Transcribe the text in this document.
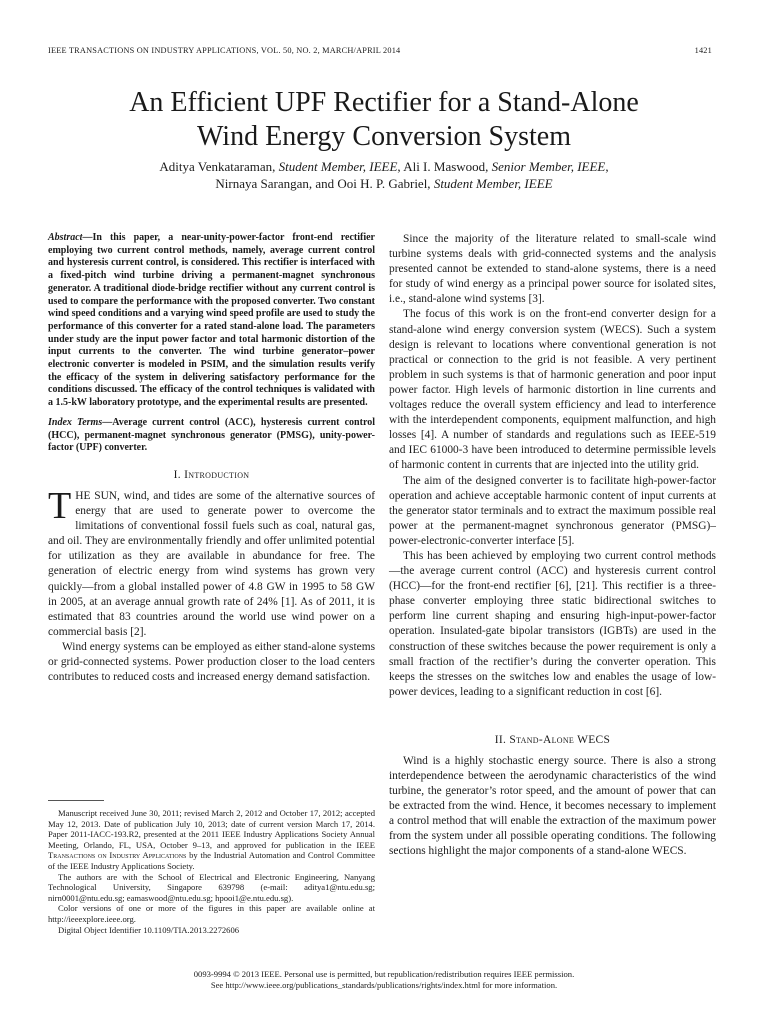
IEEE TRANSACTIONS ON INDUSTRY APPLICATIONS, VOL. 50, NO. 2, MARCH/APRIL 2014	1421
An Efficient UPF Rectifier for a Stand-Alone
Wind Energy Conversion System
Aditya Venkataraman, Student Member, IEEE, Ali I. Maswood, Senior Member, IEEE,
Nirnaya Sarangan, and Ooi H. P. Gabriel, Student Member, IEEE
Abstract—In this paper, a near-unity-power-factor front-end rectifier employing two current control methods, namely, average current control and hysteresis current control, is considered. This rectifier is interfaced with a fixed-pitch wind turbine driving a permanent-magnet synchronous generator. A traditional diode-bridge rectifier without any current control is used to compare the performance with the proposed converter. Two constant wind speed conditions and a varying wind speed profile are used to study the performance of this converter for a rated stand-alone load. The parameters under study are the input power factor and total harmonic distortion of the input currents to the converter. The wind turbine generator–power electronic converter is modeled in PSIM, and the simulation results verify the efficacy of the system in delivering satisfactory performance for the conditions discussed. The efficacy of the control techniques is validated with a 1.5-kW laboratory prototype, and the experimental results are presented.
Index Terms—Average current control (ACC), hysteresis current control (HCC), permanent-magnet synchronous generator (PMSG), unity-power-factor (UPF) converter.
I. Introduction

THE SUN, wind, and tides are some of the alternative sources of energy that are used to generate power to overcome the limitations of conventional fossil fuels such as coal, natural gas, and oil. They are environmentally friendly and offer unlimited potential for utilization as they are available in abundance for free. The generation of electric energy from wind systems has grown very quickly—from a global installed power of 4.8 GW in 1995 to 58 GW in 2005, at an average annual growth rate of 24% [1]. As of 2011, it is estimated that 83 countries around the world use wind power on a commercial basis [2].

Wind energy systems can be employed as either stand-alone systems or grid-connected systems. Power production closer to the load centers contributes to reduced costs and increased energy demand satisfaction.

Since the majority of the literature related to small-scale wind turbine systems deals with grid-connected systems and the analysis presented cannot be extended to stand-alone systems, there is a need for study of wind energy as a principal power source for isolated sites, i.e., stand-alone wind systems [3].

The focus of this work is on the front-end converter design for a stand-alone wind energy conversion system (WECS). Such a system design is relevant to locations where conventional generation is not practical or connection to the grid is not feasible. A very pertinent problem in such systems is that of harmonic generation and poor input power factor. High levels of harmonic distortion in line currents and voltages reduce the overall system efficiency and lead to interference with the interdependent components, equipment malfunction, and high losses [4]. A number of standards and regulations such as IEEE-519 and IEC 61000-3 have been introduced to determine permissible levels of harmonic content in currents that are injected into the utility grid.

The aim of the designed converter is to facilitate high-power-factor operation and achieve acceptable harmonic content of input currents at the generator stator terminals and to extract the maximum possible real power at the permanent-magnet synchronous generator (PMSG)–power-electronic-converter interface [5].

This has been achieved by employing two current control methods—the average current control (ACC) and hysteresis current control (HCC)—for the front-end rectifier [6], [21]. This rectifier is a three-phase converter employing three static bidirectional switches to perform line current shaping and ensuring high-input-power-factor operation. Insulated-gate bipolar transistors (IGBTs) are used in the construction of these switches because the power requirement is only a small fraction of the rectifier’s during the converter operation. This keeps the stresses on the switches low and enables the usage of low-power devices, leading to a significant reduction in cost [6].

II. Stand-Alone WECS

Wind is a highly stochastic energy source. There is also a strong interdependence between the aerodynamic characteristics of the wind turbine, the generator’s rotor speed, and the amount of power that can be extracted from the wind. Hence, it becomes necessary to implement a control method that will enable the extraction of the maximum power from the system under all possible operating conditions. The following sections highlight the major components of a stand-alone WECS.

Manuscript received June 30, 2011; revised March 2, 2012 and October 17, 2012; accepted May 12, 2013. Date of publication July 10, 2013; date of current version March 17, 2014. Paper 2011-IACC-193.R2, presented at the 2011 IEEE Industry Applications Society Annual Meeting, Orlando, FL, USA, October 9–13, and approved for publication in the IEEE Transactions on Industry Applications by the Industrial Automation and Control Committee of the IEEE Industry Applications Society.

The authors are with the School of Electrical and Electronic Engineering, Nanyang Technological University, Singapore 639798 (e-mail: aditya1@ntu.edu.sg; nirn0001@ntu.edu.sg; eamaswood@ntu.edu.sg; hpooi1@e.ntu.edu.sg).

Color versions of one or more of the figures in this paper are available online at http://ieeexplore.ieee.org.

Digital Object Identifier 10.1109/TIA.2013.2272606

0093-9994 © 2013 IEEE. Personal use is permitted, but republication/redistribution requires IEEE permission.
See http://www.ieee.org/publications_standards/publications/rights/index.html for more information.
